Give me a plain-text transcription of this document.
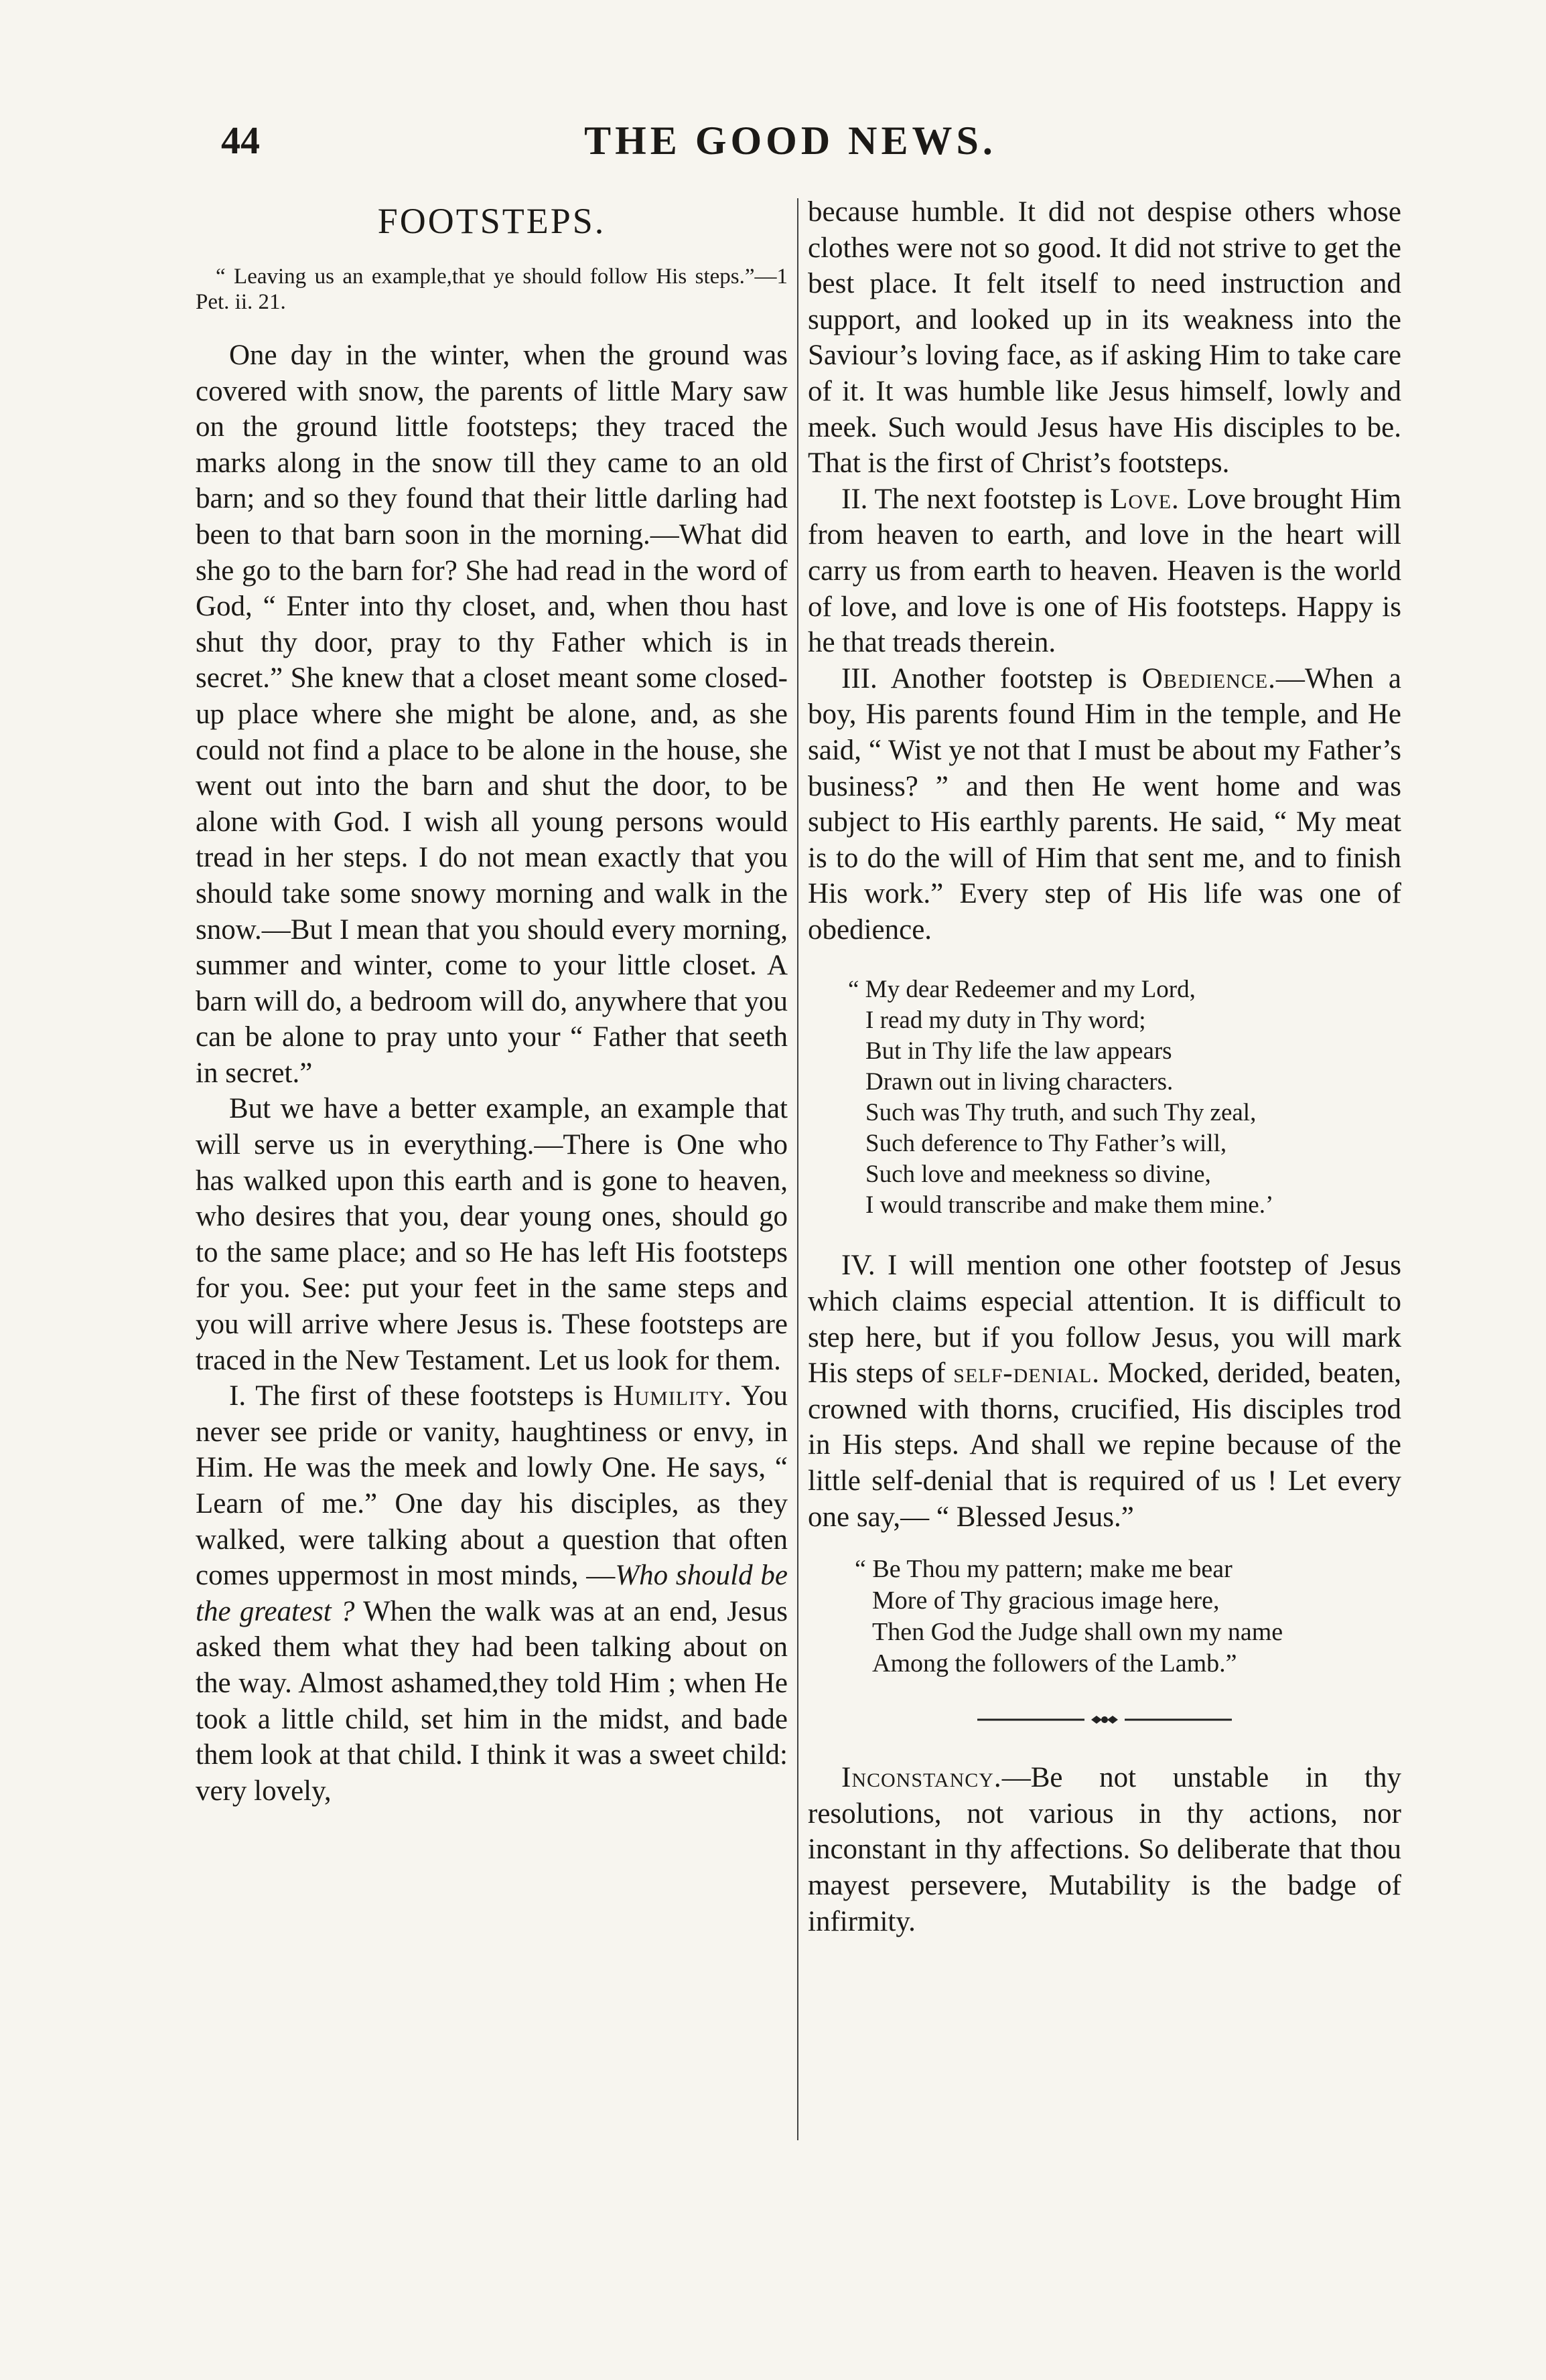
44	THE GOOD NEWS.
FOOTSTEPS.
“ Leaving us an example,that ye should follow His steps.”—1 Pet. ii. 21.

One day in the winter, when the ground was covered with snow, the parents of little Mary saw on the ground little footsteps; they traced the marks along in the snow till they came to an old barn; and so they found that their little darling had been to that barn soon in the morning.—What did she go to the barn for? She had read in the word of God, “ Enter into thy closet, and, when thou hast shut thy door, pray to thy Father which is in secret.” She knew that a closet meant some closed-up place where she might be alone, and, as she could not find a place to be alone in the house, she went out into the barn and shut the door, to be alone with God. I wish all young persons would tread in her steps. I do not mean exactly that you should take some snowy morning and walk in the snow.—But I mean that you should every morning, summer and winter, come to your little closet. A barn will do, a bedroom will do, anywhere that you can be alone to pray unto your “ Father that seeth in secret.”

But we have a better example, an example that will serve us in everything.—There is One who has walked upon this earth and is gone to heaven, who desires that you, dear young ones, should go to the same place; and so He has left His footsteps for you. See: put your feet in the same steps and you will arrive where Jesus is. These footsteps are traced in the New Testament. Let us look for them.

I. The first of these footsteps is Humility. You never see pride or vanity, haughtiness or envy, in Him. He was the meek and lowly One. He says, “ Learn of me.” One day his disciples, as they walked, were talking about a question that often comes uppermost in most minds, —Who should be the greatest ? When the walk was at an end, Jesus asked them what they had been talking about on the way. Almost ashamed,they told Him ; when He took a little child, set him in the midst, and bade them look at that child. I think it was a sweet child: very lovely,

because humble. It did not despise others whose clothes were not so good. It did not strive to get the best place. It felt itself to need instruction and support, and looked up in its weakness into the Saviour’s loving face, as if asking Him to take care of it. It was humble like Jesus himself, lowly and meek. Such would Jesus have His disciples to be. That is the first of Christ’s footsteps.

II. The next footstep is Love. Love brought Him from heaven to earth, and love in the heart will carry us from earth to heaven. Heaven is the world of love, and love is one of His footsteps. Happy is he that treads therein.

III. Another footstep is Obedience.—When a boy, His parents found Him in the temple, and He said, “ Wist ye not that I must be about my Father’s business? ” and then He went home and was subject to His earthly parents. He said, “ My meat is to do the will of Him that sent me, and to finish His work.” Every step of His life was one of obedience.

“ My dear Redeemer and my Lord,
I read my duty in Thy word;
But in Thy life the law appears
Drawn out in living characters.
Such was Thy truth, and such Thy zeal,
Such deference to Thy Father’s will,
Such love and meekness so divine,
I would transcribe and make them mine.’

IV. I will mention one other footstep of Jesus which claims especial attention. It is difficult to step here, but if you follow Jesus, you will mark His steps of self-denial. Mocked, derided, beaten, crowned with thorns, crucified, His disciples trod in His steps. And shall we repine because of the little self-denial that is required of us ! Let every one say,— “ Blessed Jesus.”

“ Be Thou my pattern; make me bear
More of Thy gracious image here,
Then God the Judge shall own my name
Among the followers of the Lamb.”

Inconstancy.—Be not unstable in thy resolutions, not various in thy actions, nor inconstant in thy affections. So deliberate that thou mayest persevere, Mutability is the badge of infirmity.
